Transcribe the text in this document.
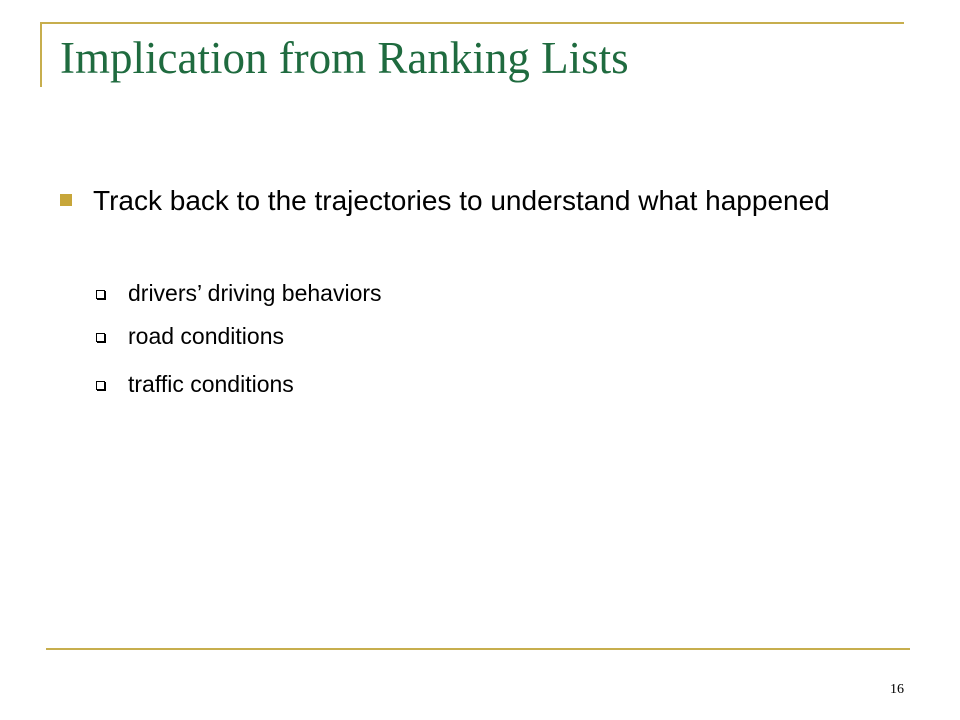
Implication from Ranking Lists
Track back to the trajectories to understand what happened
drivers’ driving behaviors
road conditions
traffic conditions
16
